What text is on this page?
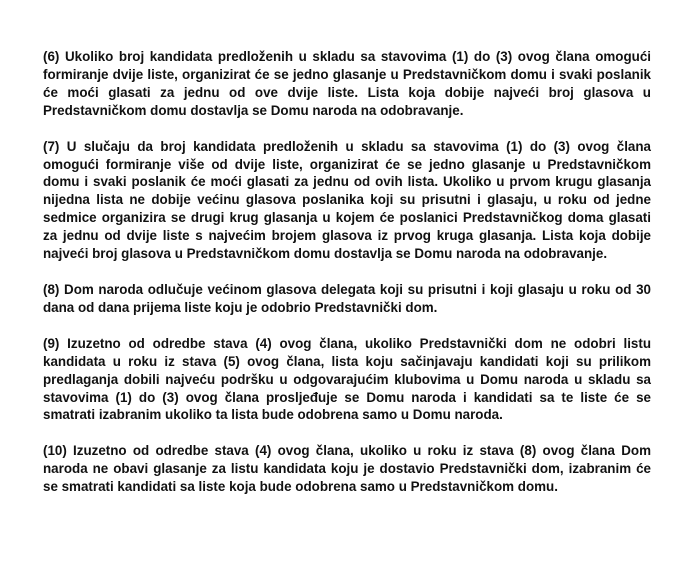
(6) Ukoliko broj kandidata predloženih u skladu sa stavovima (1) do (3) ovog člana omogući formiranje dvije liste, organizirat će se jedno glasanje u Predstavničkom domu i svaki poslanik će moći glasati za jednu od ove dvije liste. Lista koja dobije najveći broj glasova u Predstavničkom domu dostavlja se Domu naroda na odobravanje.

(7) U slučaju da broj kandidata predloženih u skladu sa stavovima (1) do (3) ovog člana omogući formiranje više od dvije liste, organizirat će se jedno glasanje u Predstavničkom domu i svaki poslanik će moći glasati za jednu od ovih lista. Ukoliko u prvom krugu glasanja nijedna lista ne dobije većinu glasova poslanika koji su prisutni i glasaju, u roku od jedne sedmice organizira se drugi krug glasanja u kojem će poslanici Predstavničkog doma glasati za jednu od dvije liste s najvećim brojem glasova iz prvog kruga glasanja. Lista koja dobije najveći broj glasova u Predstavničkom domu dostavlja se Domu naroda na odobravanje.

(8) Dom naroda odlučuje većinom glasova delegata koji su prisutni i koji glasaju u roku od 30 dana od dana prijema liste koju je odobrio Predstavnički dom.

(9) Izuzetno od odredbe stava (4) ovog člana, ukoliko Predstavnički dom ne odobri listu kandidata u roku iz stava (5) ovog člana, lista koju sačinjavaju kandidati koji su prilikom predlaganja dobili najveću podršku u odgovarajućim klubovima u Domu naroda u skladu sa stavovima (1) do (3) ovog člana prosljeđuje se Domu naroda i kandidati sa te liste će se smatrati izabranim ukoliko ta lista bude odobrena samo u Domu naroda.

(10) Izuzetno od odredbe stava (4) ovog člana, ukoliko u roku iz stava (8) ovog člana Dom naroda ne obavi glasanje za listu kandidata koju je dostavio Predstavnički dom, izabranim će se smatrati kandidati sa liste koja bude odobrena samo u Predstavničkom domu.
